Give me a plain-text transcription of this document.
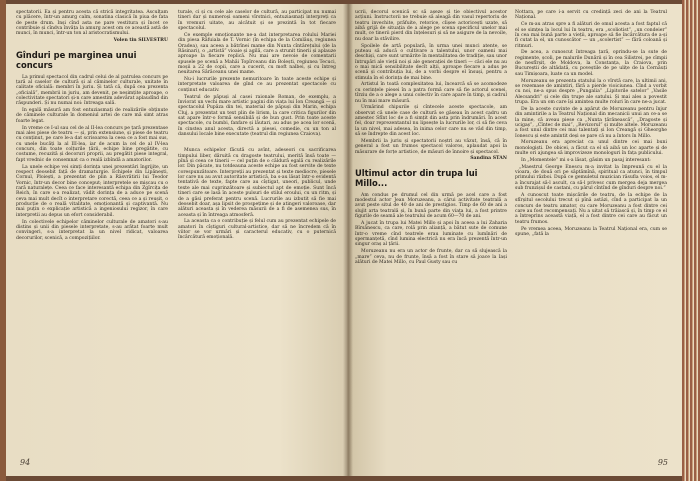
spectatorii. Ea și pentru acesta că strică integritatea. Asculțam cu plăcere, într-un amurg calm, sonatina clasică în piua de fata de peste drum. Inși cînd asta ne pare vestitura și încet ce contribuie și cîndva învăța la amurg acest om ce această astă de munci, în munci, într-un ton al aristocratismului.

Volen tin SILVESTRU

Gînduri pe marginea unui concurs

La primul spectacol din cadrul celui de al patrulea concurs pe țară al caselor de cultură și al căminelor culturale, unitate în calitate oficială: membri în juriu. Și tată că, după cea prezenta „oficială”, membrii in juriu, am devenit, pe neșimțite aproape, o colectivitate spectatori și-n care amestim adevărat aplaudînd din răspunderi. Și nu numai noi: întreaga sală.

In egală măsură am fost entuziasmați de realizările obținute de căminele culturale în domeniul artei de care mă simt atras foarte legat.

In vreme ce I-ul sau cel de al II-lea concurs pe țară prezentase mai ales piese de teatru — și, prin extensiune, și piese de teatru cu conținut, pe care le-a dat scrisoarea la ceea ce a fost mai sus, cu unele bucăți la al III-lea, iar de acum la cel de al IV-lea concurs, din toate colțurile țării, echipe bine pregătite, cu costume, recuzită și decoruri proprii, au pregătit piese integral, fapt vrednic de consemnat ca o reală izbîndă a amatorilor.

La unele echipe vei simți dorința unei prezentări îngrijite, un respect deosebit față de dramaturgie. Echipele din Lipănești, Cornul, Ploiești, a prezentat de plin a Răsvrătirii lui Teodor Vornic, într-un decor bine conceput; interpretele se mișcau cu o rară naturalețe. Ceea ce face interesantă echipa din Zgîrcița de Reich, în care s-a realizat, vădit dorința de a aduce pe scenă ceva mai mult decît o interpretare corectă, ceea ce a și reușit, o producție de o reală vitalitate, emoționantă și captivantă. Nu mai puțin o explicație artistică a ingeniosului regizor, în care interpretii au depus un efort considerabil.

In colectivele echipelor căminelor culturale de amatori s-au distins și unii din piesele interpretate, s-au arătat foarte mult convingeri, s-a interpretat la un nivel ridicat, valoarea decorurilor, scenică, a compozițiilor.

turale, ci și cu cele ale caselor de cultură, au participat nu numai tineri dar și numeroși oameni vîrstnici, entuziasmați interpreți ca în vremuri uitate, au alcătuit și se prezintă în tot fiecare spectacolul.

Ce exemple emoționante ne-a dat interpretarea rolului Mariei din piesa Răfuiala de T. Vornic (în echipa de la Comlăuș, regiunea Oradea), sau aceea a bătrînei mame din Nunta cîntărețului (de la Răsinari), o „artistă” vioaie și agilă, care a strunit tinerii și aplauze aproape la fiecare replică. Nu mai are nevoie de comentarii spusele pe scenă a Mahăi Topîrceanu din Bolești, regiunea Tecuci, moșii a 22 de copii, care a cucerit, cu moft nalbei, și cu întreg neuitarea Sărăceanu unei mame.

Nu-i lucrurile prezente nemuritoare în toate aceste echipe și interpretate valoarea de gînd ce au prezentat spectacole cu conținut educativ.

Teatrul de păpuși al casei raionale Roman, de exemplu, a înviorat un vechi mare artistic pagini din viața lui Ion Creangă — și spectacolul Pupăza din tei, material de păpuși din Marin, echipa Cluj, a prezentat un text plin de lirism, la care critica figurilor din sat apare într-o formă sensibilă și de bun gust. Prin toate aceste spectacole, cu bumbi, fanfare și lăutari, au adus pe acea lor scenă, în cinstea anul acesta, directă a piesei, comedie, cu un ton al dansului locale bine executate (teatrul din regiunea Craiova).

Munca echipelor făcută cu avînt, adeseori cu sacrificarea timpului liber, dăruită cu dragoste teatrului, merită însă toate — pînă și ceea ce tinerii — cel puțin de o căldură egală cu realizările lor. Din păcate, nu totdeauna aceste echipe au fost servite de texte corespunzătoare. Interpreții au prezentat și texte mediocre, piesele lor care nu au avut autoritate artistică, ba s-au lăsat într-o evidentă tentativă de texte, fapte care au cîștigat, uneori, publicul, unde texte ale mai cuprinzătoare și subiectul apt de emoție. Sunt încă tineri care se lasă în aceste pulsuri de stilul eroului, cu un ritm, și de a găsi preferat pentru scenă. Lucrurile au izbutit să fie mai deosebit doar, așa lipsit de prospețime și de atingeri valoroase, dar alături aceasta și în vederea măsurii de a fi de asemenea sus, în aceasta și în întreaga atmosferă.

La aceasta ca o contribuție și felul cum au prezentat echipele de amatori în cîștiguri cultural-artistice, dar să ne încredem că în viitor se vor urmări și caracterul educativ, cu o puternică încărcătură emoțională.

94

ucrii, decorul scenică sc să așeze și tie obiectivul acestor acțiuni. Instructorii ne trebuie să aleagă din vasul repertoriu de teatru invechite, prăfuite, retorice, clișee actoricești uzate, să aibă grijă de situația de a alege pe scena specificul unelor mai mult, ce tinerii pierd din înțelesuri și să ne asigure de la nevoile, nu doar la stăvilire.

Spoilele de artă populară, în urma unei munci atente, se puteau să aducă o cultivare a talentului, unor oameni mai deschiși, care sunt urmărite în mentalitatea de tradiție, sau unor întrupări ale vieții noi și ale generației de tineri — căci ele nu au o mai mică sensibilitate decît alții, aproape fiecare a adus pe scenă și contribuția lui, de a vorbi despre el însuși, pentru a stimula în el dorința de mai bine.

Artistul în toată complexitatea lui, încearcă să se acomodeze cu cerințele piesei în a patra formă care să fie actorul scenei, tîrziu de a o alege a unui colectiv în care apare în timp, și cadrul nu în mai mare măsură.

Urmărind chipurile și cîntecele aceste spectacole, am observat că unele case de cultură se găseau în acest cadru un amestec Sfînt loc de a fi simțit din asta prin îndrumări. În acest fel, doar reprezentantul nu lipsește la lucrurile lor, ci să fie ceva la un nivel, mai adesea, în inima celor care nu se văd din timp, să se îndrepte din acest loc.

Membrii la juriu și spectatorii noștri au văzut, însă, că în general a fost un frumos spectacol valoros, aplaudat apoi la măsurare de forțe artistice, de măsuri de înnoire și spectacol.

Sandina STAN

Ultimul actor din trupa lui Millo...

Am condus pe drumul cel din urmă pe acel care a fost modestul actor Jean Moruzeanu, a cărui activitate teatrală a avut peste situl de 40 de ani de prestigios. Timp de 60 de ani a slujit arta teatrală și, în bună parte din viața lui, a fost printre figurile de seamă ale teatrului de acum 60—70 de ani.

A jucat în trupa lui Matei Millo și apoi în aceea a lui Zaharia Bîrsănescu, ca care, rolă prin alianță, a bătut sute de comune într-o vreme cînd teatrele erau luminate cu lumînări de spermanțetă, cînd lumina electrică nu era încă prezentă într-un singur oraș al țării.

Moruzeanu nu era un actor de frunte, dar ca să slujească la „mare” ceva, nu de frunte, însă a fost în stare să joace la Iași alături de Matei Millo, cu Paul Gusty sau cu

Nottara, pe care i-a servit cu credință zeci de ani la Teatrul Național.

Ce m-au atras spre a fi alături de omul acesta a fost faptul că el se simțea la locul lui în teatru, era „scoliotist”, „un condeier” în cea mai bună parte a vieții, aproape să fie încărcătura de a-și fi cutat la el, un cunoscător — un „scolertist” — fără coloană și ritmuri.

De acea, a cunoscut întreaga țară, oprindu-se la sute de regimente, școli, pe malurile Dunării și în cea Silistrei, pe cîmpii de nesfîrșit, de Moldova, la Constanța, la Craiova, prin Bucureștii de altădată, cu poveștile de pe ulițe de la Cernăuți sau Timișoara, luate ca un model.

Moruzeanu se prezenta statului la o vîrstă care, la ultimii ani, se rezemase de amintiri, fără a pierde vioiciunea. Cînd a vorbit cu noi, ne-a spus despre „Pungalia” „Lipitorile satelor” „Vasile Alecsandri” și cele din trupe ale satului. Și mai ales a povestit trupa. Era un om care își amintea multe roluri în care ne-a jucat.

De la aceste cuvinte de a apărut de Moruzeanu pentru înjur din amintirile a la Teatrul Național din mecanicii unui an ce-a se la mine, că aveau piese ca „Nunta țărănească”, „Dragoste și ucigaș”, „Cîntec de mai”, „Revizorul” și multe altele. Moruzeanu a fost unul dintre cei mai talentați și Ion Creangă și Gheorghe Ionescu și este amintit deși se pare că nu a întors în Millo.

Moruzeanu era apreciat ca unul dintre cei mai buni monologiști. De obicei, a făcut ca el să aibă un loc aparte și de multe ori ajungea să improvizeze monologuri în fața publicului.

In „Momentele” mi s-a lăsat, găsim un pasaj interesant:

„Maestrul George Enescu m-a invitat la împreună cu el la vioara, de două ori pe săptămînă, spiritual ca atunci, în timpul primului război. După ce gemuletul muzician răsufla voios, el m-a încurajat să-l ascult, ca să-l privesc cum mergea deja mergea sub frunzișul de castani, cu părul cîntînd de gînduri despre noi.”

A cunoscut toate mișcările de teatru, de la echipe de la sfîrșitul secolului trecut și pînă astăzi, cînd a participat la un concurs de teatru amator, cu care Moruzeanu a fost dintre cei care au fost recompensați. Nu a uitat să trăiască și, în timp ce el a întreprins această viață, el a fost dintre cei care au făcut un teatru frumos.

Pe vremea aceea, Moruzeanu la Teatrul Național era, cum se spune, „fată la

95
